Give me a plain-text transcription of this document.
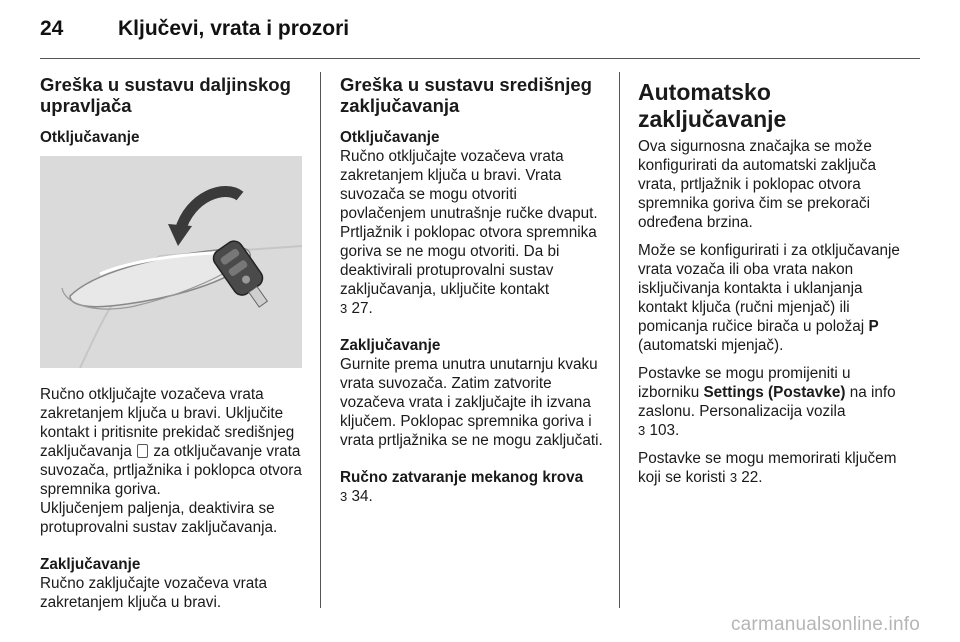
24	Ključevi, vrata i prozori
Greška u sustavu daljinskog upravljača
Otključavanje

Ručno otključajte vozačeva vrata zakretanjem ključa u bravi. Uključite kontakt i pritisnite prekidač središnjeg zaključavanja za otključavanje vrata suvozača, prtljažnika i poklopca otvora spremnika goriva.
Uključenjem paljenja, deaktivira se protuprovalni sustav zaključavanja.

Zaključavanje

Ručno zaključajte vozačeva vrata zakretanjem ključa u bravi.

Greška u sustavu središnjeg zaključavanja
Otključavanje

Ručno otključajte vozačeva vrata zakretanjem ključa u bravi. Vrata suvozača se mogu otvoriti povlačenjem unutrašnje ručke dvaput. Prtljažnik i poklopac otvora spremnika goriva se ne mogu otvoriti. Da bi deaktivirali protuprovalni sustav zaključavanja, uključite kontakt
3 27.

Zaključavanje

Gurnite prema unutra unutarnju kvaku vrata suvozača. Zatim zatvorite vozačeva vrata i zaključajte ih izvana ključem. Poklopac spremnika goriva i vrata prtljažnika se ne mogu zaključati.

Ručno zatvaranje mekanog krova

3 34.

Automatsko zaključavanje

Ova sigurnosna značajka se može konfigurirati da automatski zaključa vrata, prtljažnik i poklopac otvora spremnika goriva čim se prekorači određena brzina.

Može se konfigurirati i za otključavanje vrata vozača ili oba vrata nakon isključivanja kontakta i uklanjanja kontakt ključa (ručni mjenjač) ili pomicanja ručice birača u položaj P (automatski mjenjač).

Postavke se mogu promijeniti u izborniku Settings (Postavke) na info zaslonu. Personalizacija vozila
3 103.

Postavke se mogu memorirati ključem koji se koristi 3 22.

carmanualsonline.info
